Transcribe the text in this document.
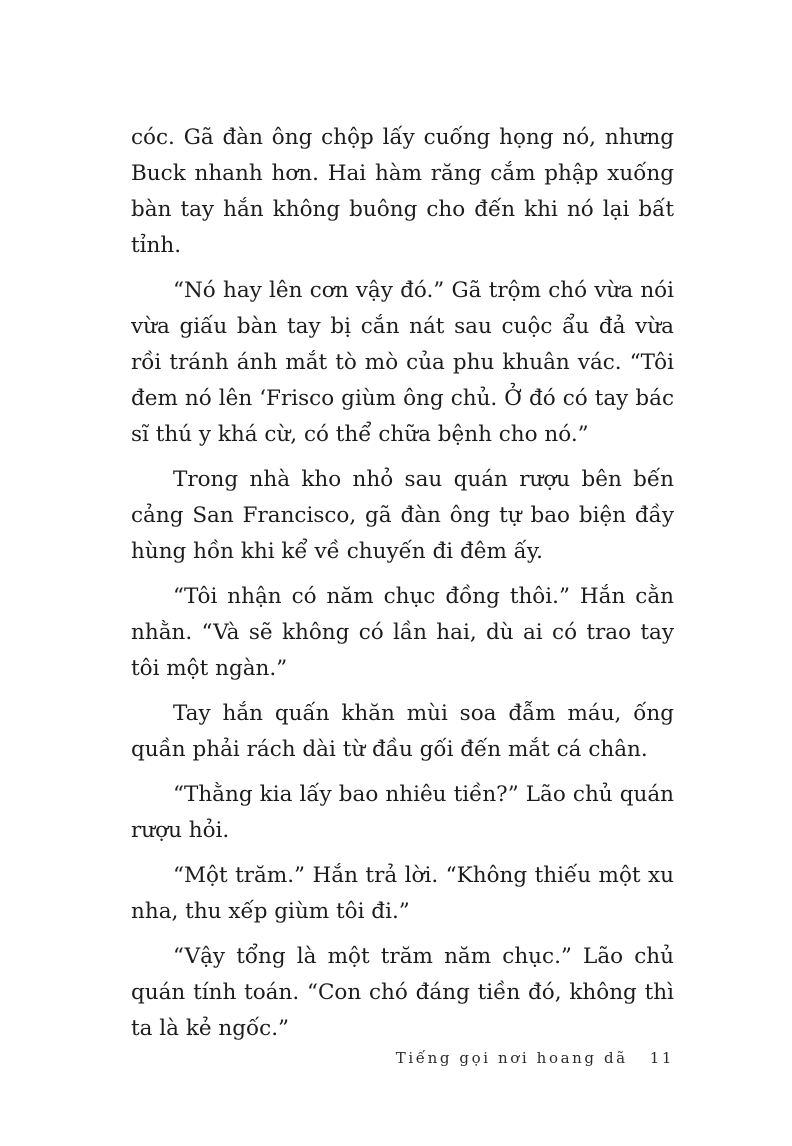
cóc. Gã đàn ông chộp lấy cuống họng nó, nhưng Buck nhanh hơn. Hai hàm răng cắm phập xuống bàn tay hắn không buông cho đến khi nó lại bất tỉnh.

“Nó hay lên cơn vậy đó.” Gã trộm chó vừa nói vừa giấu bàn tay bị cắn nát sau cuộc ẩu đả vừa rồi tránh ánh mắt tò mò của phu khuân vác. “Tôi đem nó lên ‘Frisco giùm ông chủ. Ở đó có tay bác sĩ thú y khá cừ, có thể chữa bệnh cho nó.”

Trong nhà kho nhỏ sau quán rượu bên bến cảng San Francisco, gã đàn ông tự bao biện đầy hùng hồn khi kể về chuyến đi đêm ấy.

“Tôi nhận có năm chục đồng thôi.” Hắn cằn nhằn. “Và sẽ không có lần hai, dù ai có trao tay tôi một ngàn.”

Tay hắn quấn khăn mùi soa đẫm máu, ống quần phải rách dài từ đầu gối đến mắt cá chân.

“Thằng kia lấy bao nhiêu tiền?” Lão chủ quán rượu hỏi.

“Một trăm.” Hắn trả lời. “Không thiếu một xu nha, thu xếp giùm tôi đi.”

“Vậy tổng là một trăm năm chục.” Lão chủ quán tính toán. “Con chó đáng tiền đó, không thì ta là kẻ ngốc.”

Tiếng gọi nơi hoang dã 11
